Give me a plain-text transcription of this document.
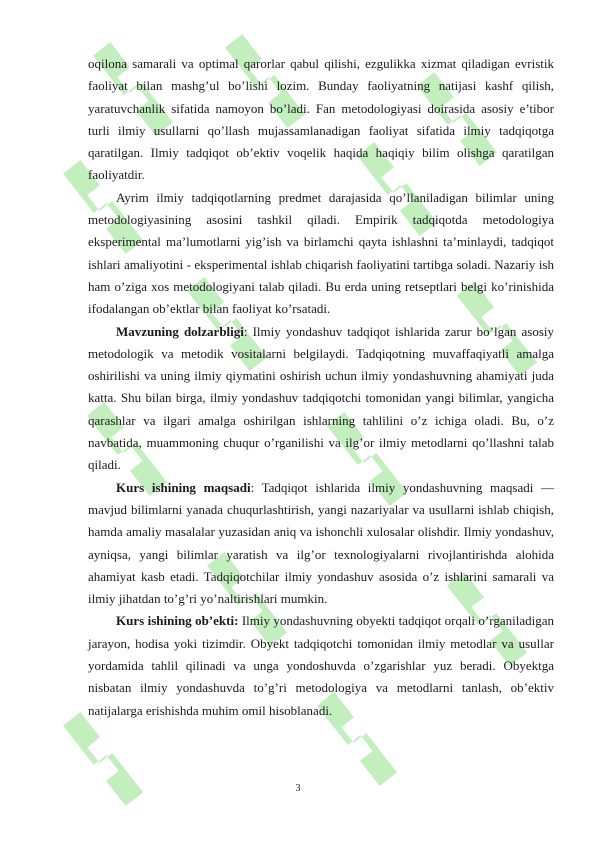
oqilona samarali va optimal qarorlar qabul qilishi, ezgulikka xizmat qiladigan evristik faoliyat bilan mashg’ul bo’lishi lozim. Bunday faoliyatning natijasi kashf qilish, yaratuvchanlik sifatida namoyon bo’ladi. Fan metodologiyasi doirasida asosiy e’tibor turli ilmiy usullarni qo’llash mujassamlanadigan faoliyat sifatida ilmiy tadqiqotga qaratilgan. Ilmiy tadqiqot ob’ektiv voqelik haqida haqiqiy bilim olishga qaratilgan faoliyatdir.

Ayrim ilmiy tadqiqotlarning predmet darajasida qo’llaniladigan bilimlar uning metodologiyasining asosini tashkil qiladi. Empirik tadqiqotda metodologiya eksperimental ma’lumotlarni yig’ish va birlamchi qayta ishlashni ta’minlaydi, tadqiqot ishlari amaliyotini - eksperimental ishlab chiqarish faoliyatini tartibga soladi. Nazariy ish ham o’ziga xos metodologiyani talab qiladi. Bu erda uning retseptlari belgi ko’rinishida ifodalangan ob’ektlar bilan faoliyat ko’rsatadi.

Mavzuning dolzarbligi: Ilmiy yondashuv tadqiqot ishlarida zarur bo’lgan asosiy metodologik va metodik vositalarni belgilaydi. Tadqiqotning muvaffaqiyatli amalga oshirilishi va uning ilmiy qiymatini oshirish uchun ilmiy yondashuvning ahamiyati juda katta. Shu bilan birga, ilmiy yondashuv tadqiqotchi tomonidan yangi bilimlar, yangicha qarashlar va ilgari amalga oshirilgan ishlarning tahlilini o’z ichiga oladi. Bu, o’z navbatida, muammoning chuqur o’rganilishi va ilg’or ilmiy metodlarni qo’llashni talab qiladi.

Kurs ishining maqsadi: Tadqiqot ishlarida ilmiy yondashuvning maqsadi — mavjud bilimlarni yanada chuqurlashtirish, yangi nazariyalar va usullarni ishlab chiqish, hamda amaliy masalalar yuzasidan aniq va ishonchli xulosalar olishdir. Ilmiy yondashuv, ayniqsa, yangi bilimlar yaratish va ilg’or texnologiyalarni rivojlantirishda alohida ahamiyat kasb etadi. Tadqiqotchilar ilmiy yondashuv asosida o’z ishlarini samarali va ilmiy jihatdan to’g’ri yo’naltirishlari mumkin.

Kurs ishining ob’ekti: Ilmiy yondashuvning obyekti tadqiqot orqali o’rganiladigan jarayon, hodisa yoki tizimdir. Obyekt tadqiqotchi tomonidan ilmiy metodlar va usullar yordamida tahlil qilinadi va unga yondoshuvda o’zgarishlar yuz beradi. Obyektga nisbatan ilmiy yondashuvda to’g’ri metodologiya va metodlarni tanlash, ob’ektiv natijalarga erishishda muhim omil hisoblanadi.

3
